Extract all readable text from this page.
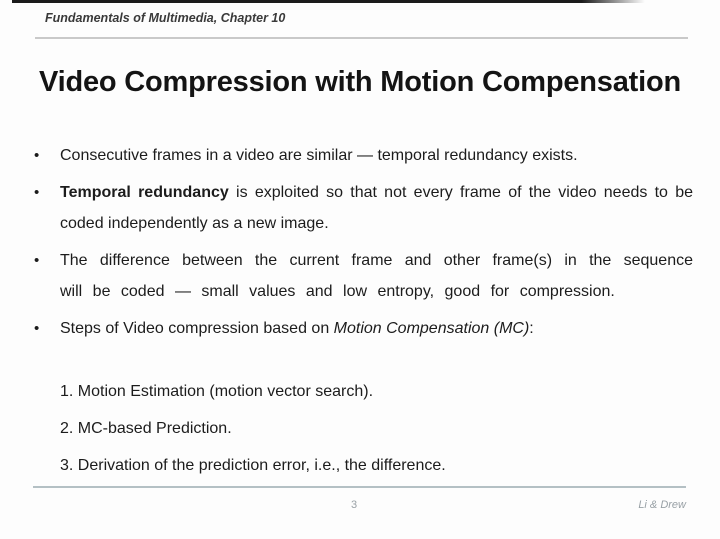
Fundamentals of Multimedia, Chapter 10
Video Compression with Motion Compensation
• Consecutive frames in a video are similar — temporal redundancy exists.
• Temporal redundancy is exploited so that not every frame of the video needs to be coded independently as a new image.
• The difference between the current frame and other frame(s) in the sequence will be coded — small values and low entropy, good for compression.
• Steps of Video compression based on Motion Compensation (MC):
1. Motion Estimation (motion vector search).
2. MC-based Prediction.
3. Derivation of the prediction error, i.e., the difference.
3	Li & Drew
